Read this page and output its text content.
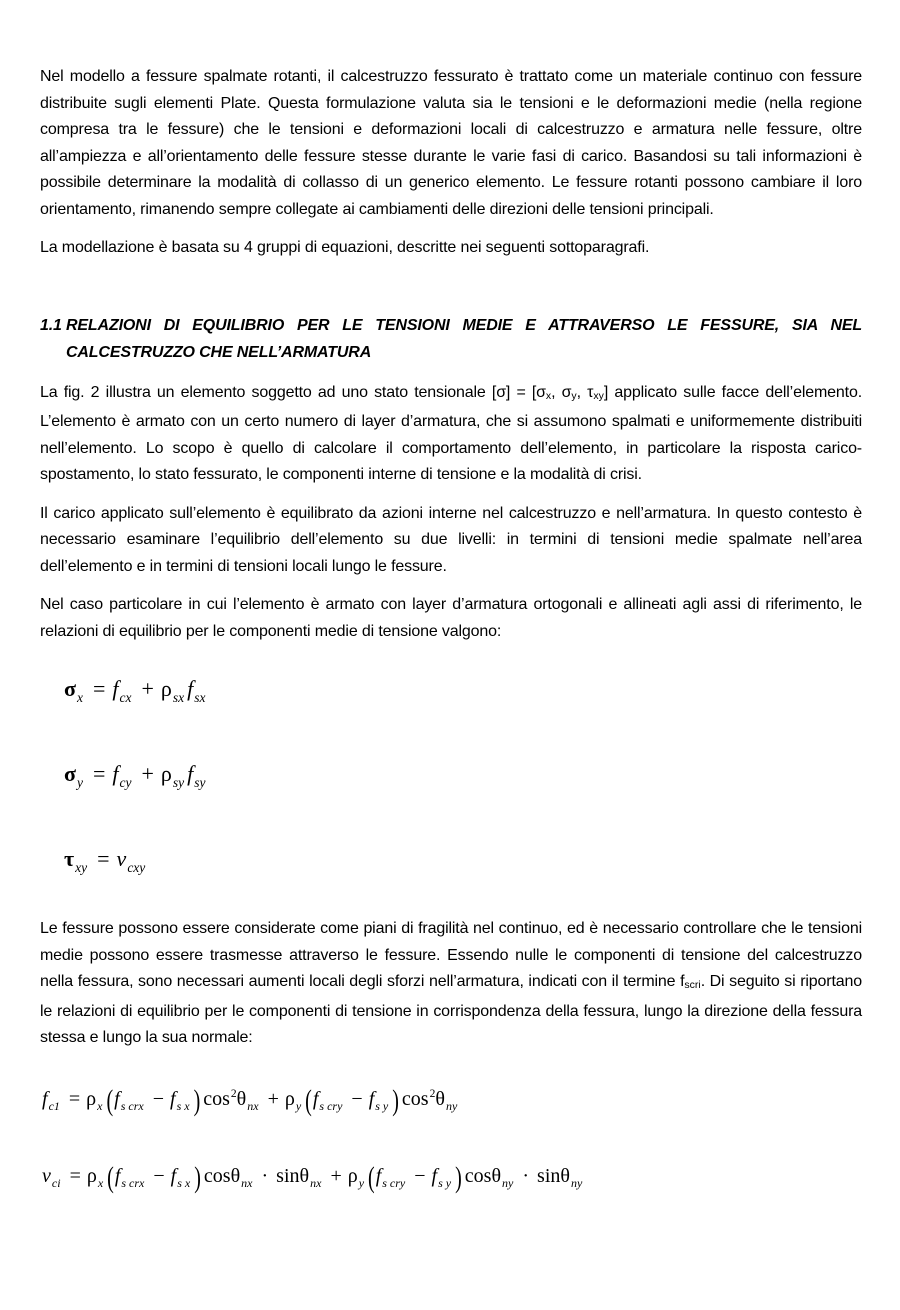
Nel modello a fessure spalmate rotanti, il calcestruzzo fessurato è trattato come un materiale continuo con fessure distribuite sugli elementi Plate. Questa formulazione valuta sia le tensioni e le deformazioni medie (nella regione compresa tra le fessure) che le tensioni e deformazioni locali di calcestruzzo e armatura nelle fessure, oltre all’ampiezza e all’orientamento delle fessure stesse durante le varie fasi di carico. Basandosi su tali informazioni è possibile determinare la modalità di collasso di un generico elemento. Le fessure rotanti possono cambiare il loro orientamento, rimanendo sempre collegate ai cambiamenti delle direzioni delle tensioni principali.

La modellazione è basata su 4 gruppi di equazioni, descritte nei seguenti sottoparagrafi.

1.1 RELAZIONI DI EQUILIBRIO PER LE TENSIONI MEDIE E ATTRAVERSO LE FESSURE, SIA NEL CALCESTRUZZO CHE NELL’ARMATURA

La fig. 2 illustra un elemento soggetto ad uno stato tensionale [σ] = [σx, σy, τxy] applicato sulle facce dell’elemento. L’elemento è armato con un certo numero di layer d’armatura, che si assumono spalmati e uniformemente distribuiti nell’elemento. Lo scopo è quello di calcolare il comportamento dell’elemento, in particolare la risposta carico-spostamento, lo stato fessurato, le componenti interne di tensione e la modalità di crisi.

Il carico applicato sull’elemento è equilibrato da azioni interne nel calcestruzzo e nell’armatura. In questo contesto è necessario esaminare l’equilibrio dell’elemento su due livelli: in termini di tensioni medie spalmate nell’area dell’elemento e in termini di tensioni locali lungo le fessure.

Nel caso particolare in cui l’elemento è armato con layer d’armatura ortogonali e allineati agli assi di riferimento, le relazioni di equilibrio per le componenti medie di tensione valgono:

$\sigma_x = f_{cx} + \rho_{sx}$ $f_{sx}$
$\sigma_y = f_{cy} + \rho_{sy}$ $f_{sy}$
$\tau_{xy} = v_{cxy}$

Le fessure possono essere considerate come piani di fragilità nel continuo, ed è necessario controllare che le tensioni medie possono essere trasmesse attraverso le fessure. Essendo nulle le componenti di tensione del calcestruzzo nella fessura, sono necessari aumenti locali degli sforzi nell’armatura, indicati con il termine fscri. Di seguito si riportano le relazioni di equilibrio per le componenti di tensione in corrispondenza della fessura, lungo la direzione della fessura stessa e lungo la sua normale:

$f_{c1} = \rho_x$ ($f_{s crx} - f_{s x}$ ) $\cos^2\theta_{nx} + \rho_y$ ($f_{s cry} - f_{s y}$ ) $\cos^2\theta_{ny}$
$v_{ci} = \rho_x$ ($f_{s crx} - f_{s x}$ ) $\cos\theta_{nx} \cdot \sin\theta_{nx} + \rho_y$ ($f_{s cry} - f_{s y}$ ) cosθ$_{ny}$ · sinθ$_{ny}$
